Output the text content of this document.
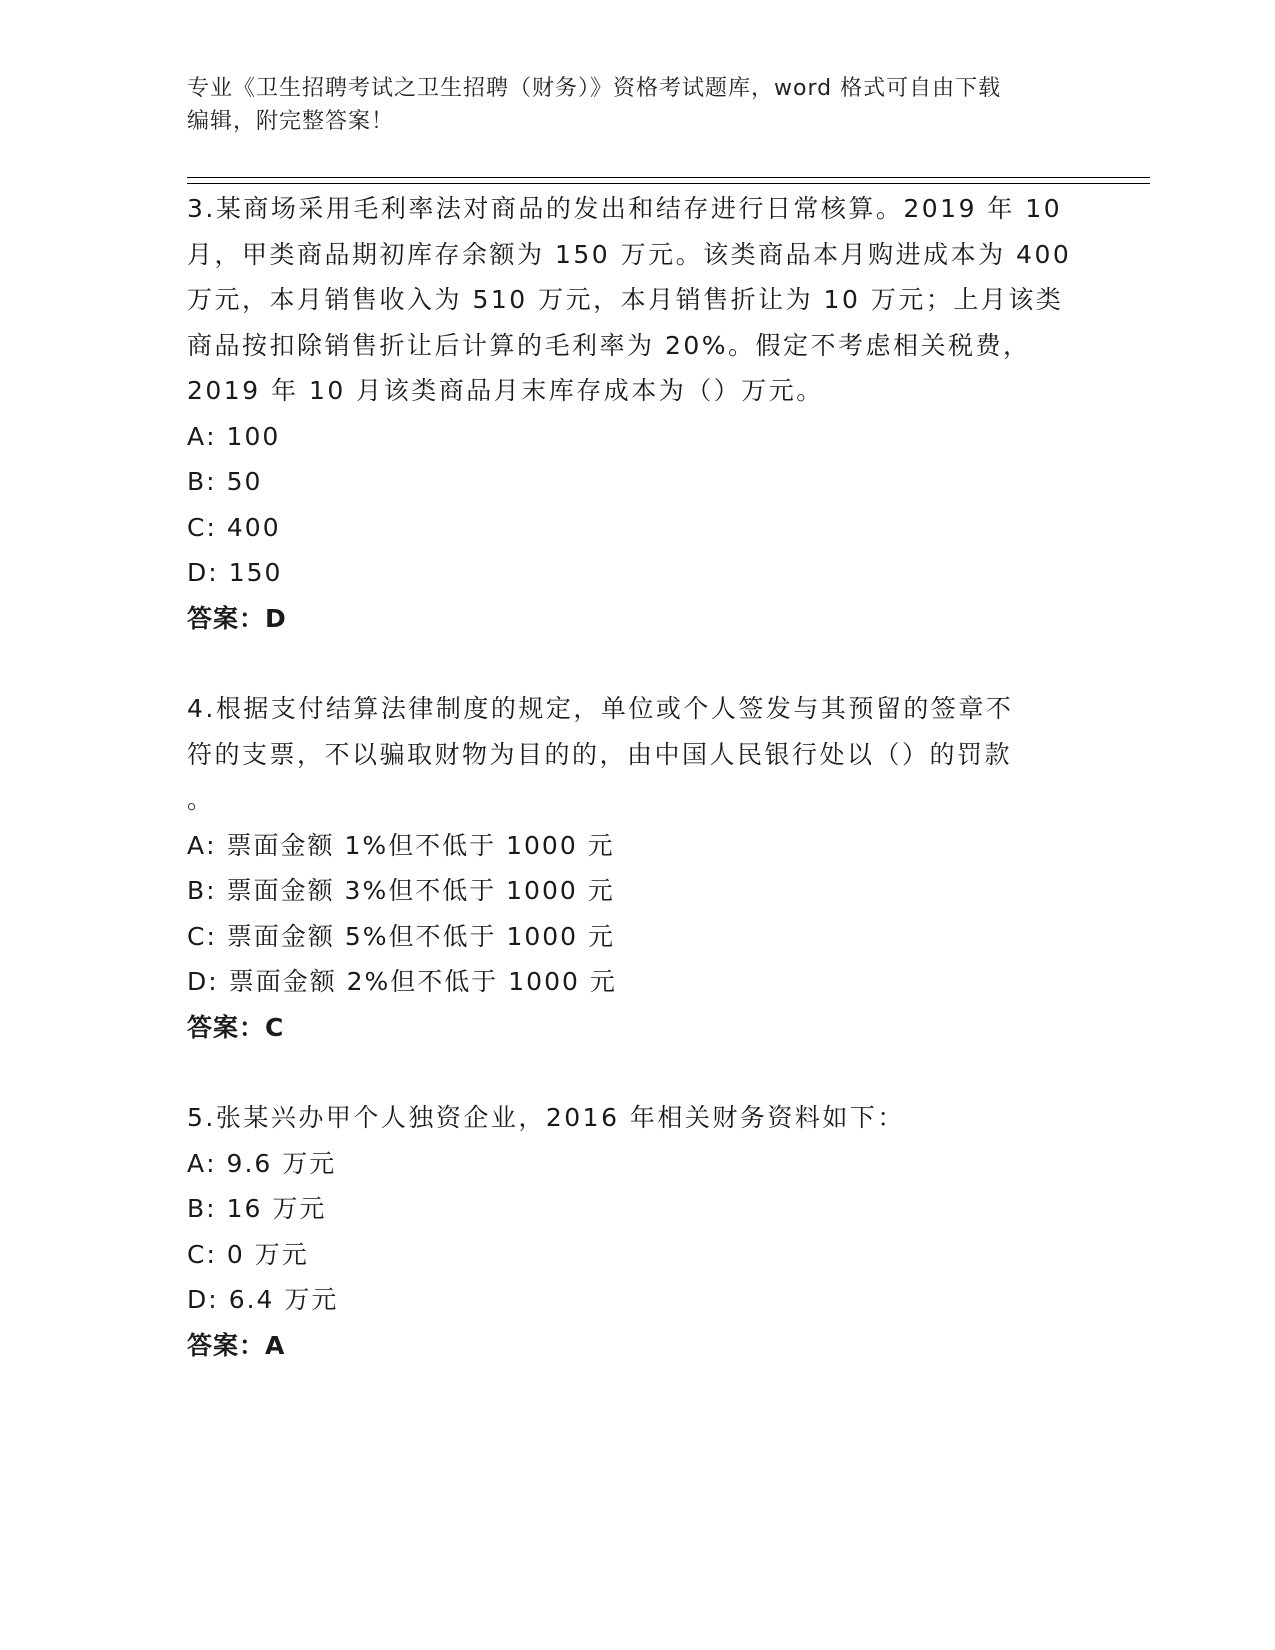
专业《卫生招聘考试之卫生招聘（财务）》资格考试题库，word 格式可自由下载
编辑，附完整答案！
3.某商场采用毛利率法对商品的发出和结存进行日常核算。2019 年 10
月，甲类商品期初库存余额为 150 万元。该类商品本月购进成本为 400
万元，本月销售收入为 510 万元，本月销售折让为 10 万元；上月该类
商品按扣除销售折让后计算的毛利率为 20%。假定不考虑相关税费，
2019 年 10 月该类商品月末库存成本为（）万元。
A: 100
B: 50
C: 400
D: 150
答案：D
4.根据支付结算法律制度的规定，单位或个人签发与其预留的签章不
符的支票，不以骗取财物为目的的，由中国人民银行处以（）的罚款
。
A: 票面金额 1%但不低于 1000 元
B: 票面金额 3%但不低于 1000 元
C: 票面金额 5%但不低于 1000 元
D: 票面金额 2%但不低于 1000 元
答案：C
5.张某兴办甲个人独资企业，2016 年相关财务资料如下：
A: 9.6 万元
B: 16 万元
C: 0 万元
D: 6.4 万元
答案：A
